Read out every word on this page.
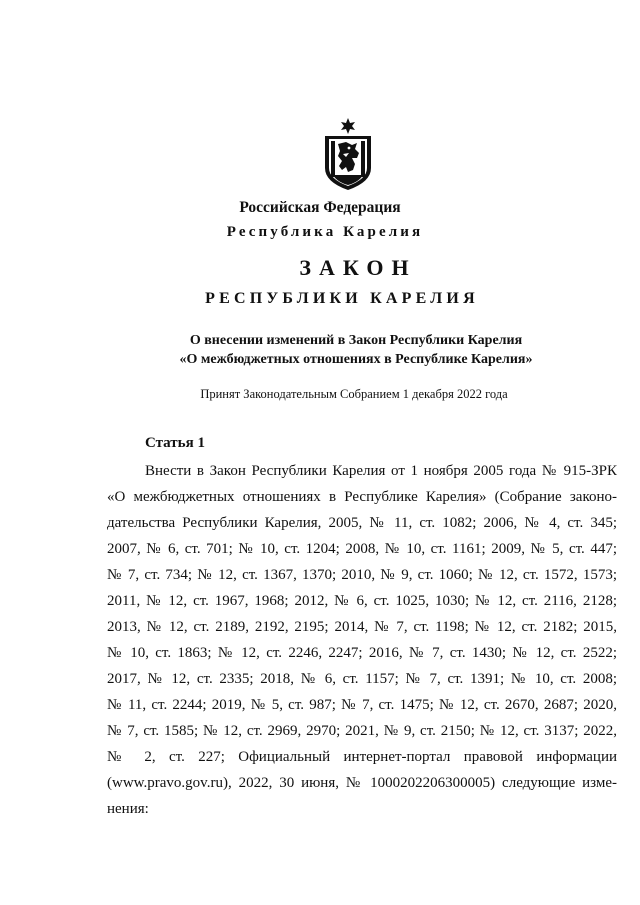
Российская Федерация
Республика Карелия
ЗАКОН
РЕСПУБЛИКИ КАРЕЛИЯ
О внесении изменений в Закон Республики Карелия
«О межбюджетных отношениях в Республике Карелия»
Принят Законодательным Собранием 1 декабря 2022 года
Статья 1
Внести в Закон Республики Карелия от 1 ноября 2005 года № 915-ЗРК
«О межбюджетных отношениях в Республике Карелия» (Собрание законо-
дательства Республики Карелия, 2005, № 11, ст. 1082; 2006, № 4, ст. 345;
2007, № 6, ст. 701; № 10, ст. 1204; 2008, № 10, ст. 1161; 2009, № 5, ст. 447;
№ 7, ст. 734; № 12, ст. 1367, 1370; 2010, № 9, ст. 1060; № 12, ст. 1572, 1573;
2011, № 12, ст. 1967, 1968; 2012, № 6, ст. 1025, 1030; № 12, ст. 2116, 2128;
2013, № 12, ст. 2189, 2192, 2195; 2014, № 7, ст. 1198; № 12, ст. 2182; 2015,
№ 10, ст. 1863; № 12, ст. 2246, 2247; 2016, № 7, ст. 1430; № 12, ст. 2522;
2017, № 12, ст. 2335; 2018, № 6, ст. 1157; № 7, ст. 1391; № 10, ст. 2008;
№ 11, ст. 2244; 2019, № 5, ст. 987; № 7, ст. 1475; № 12, ст. 2670, 2687; 2020,
№ 7, ст. 1585; № 12, ст. 2969, 2970; 2021, № 9, ст. 2150; № 12, ст. 3137; 2022,
№ 2, ст. 227; Официальный интернет-портал правовой информации
(www.pravo.gov.ru), 2022, 30 июня, № 1000202206300005) следующие изме-
нения:
